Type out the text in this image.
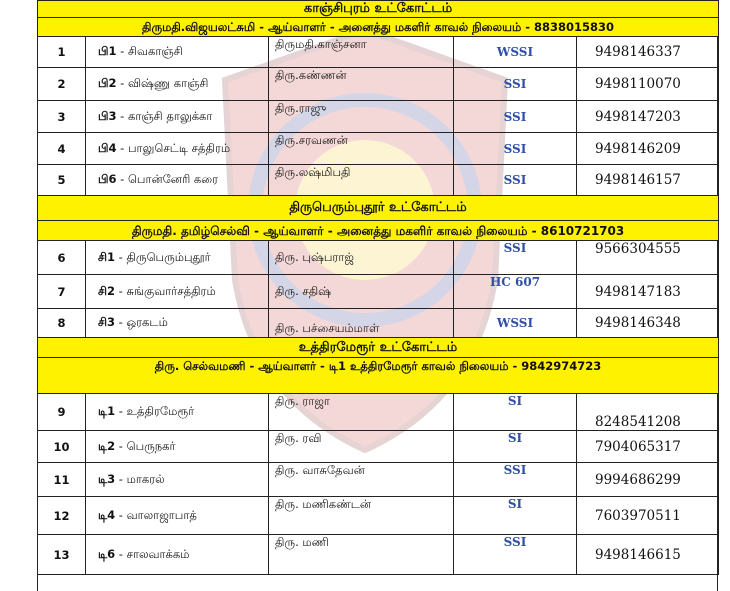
காஞ்சிபுரம் உட்கோட்டம்				
திருமதி.விஜயலட்சுமி - ஆய்வாளர் - அனைத்து மகளிர் காவல் நிலையம் - 8838015830				
1	பி1 - சிவகாஞ்சி	திருமதி.காஞ்சனா	WSSI	9498146337
2	பி2 - விஷ்ணு காஞ்சி	திரு.கண்ணன்	SSI	9498110070
3	பி3 - காஞ்சி தாலுக்கா	திரு.ராஜு	SSI	9498147203
4	பி4 - பாலுசெட்டி சத்திரம்	திரு.சரவணன்	SSI	9498146209
5	பி6 - பொன்னேரி கரை	திரு.லஷ்மிபதி	SSI	9498146157
திருபெரும்புதூர் உட்கோட்டம்				
திருமதி. தமிழ்செல்வி - ஆய்வாளர் - அனைத்து மகளிர் காவல் நிலையம் - 8610721703				
6	சி1 - திருபெரும்புதூர்	திரு. புஷ்பராஜ்	SSI	9566304555
7	சி2 - சுங்குவார்சத்திரம்	திரு. சதிஷ்	HC 607	9498147183
8	சி3 - ஒரகடம்	திரு. பச்சையம்மாள்	WSSI	9498146348
உத்திரமேரூர் உட்கோட்டம்				
திரு. செல்வமணி - ஆய்வாளர் - டி1 உத்திரமேரூர் காவல் நிலையம் - 9842974723				
9	டி1 - உத்திரமேரூர்	திரு. ராஜா	SI	8248541208
10	டி2 - பெருநகர்	திரு. ரவி	SI	7904065317
11	டி3 - மாகரல்	திரு. வாசுதேவன்	SSI	9994686299
12	டி4 - வாலாஜாபாத்	திரு. மணிகண்டன்	SI	7603970511
13	டி6 - சாலவாக்கம்	திரு. மணி	SSI	9498146615
